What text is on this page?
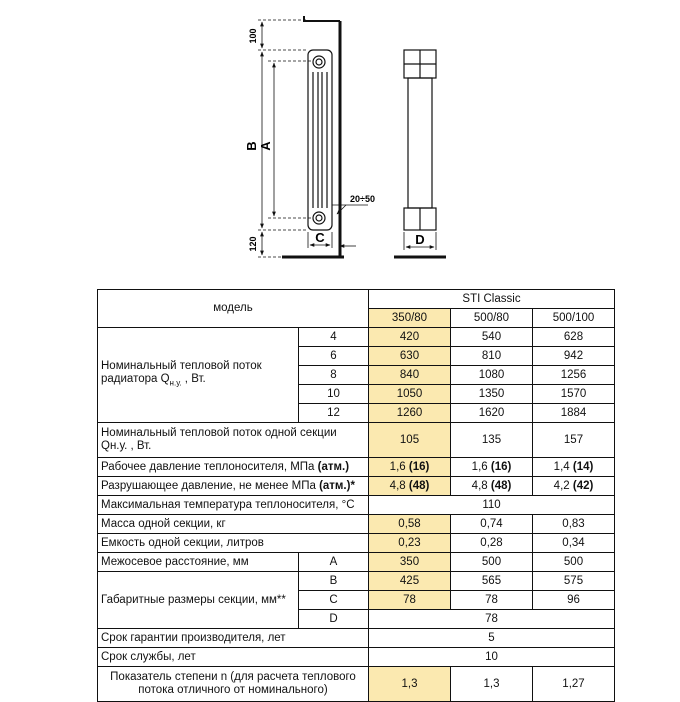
100
B A
120	C
20÷50
D
модель		STI Classic		
		350/80	500/80	500/100
Номинальный тепловой поток радиатора $Q_{н.у.}$ , Вт.	4	420	540	628
	6	630	810	942
	8	840	1080	1256
	10	1050	1350	1570
	12	1260	1620	1884
Номинальный тепловой поток одной секции
Qн.у. , Вт.		105	135	157
Рабочее давление теплоносителя, МПа (атм.)		1,6 (16)	1,6 (16)	1,4 (14)
Разрушающее давление, не менее МПа (атм.)*		4,8 (48)	4,8 (48)	4,2 (42)
Максимальная температура теплоносителя, °С		110		
Масса одной секции, кг		0,58	0,74	0,83
Емкость одной секции, литров		0,23	0,28	0,34
Межосевое расстояние, мм	A	350	500	500
Габаритные размеры секции, мм**	B	425	565	575
	C	78	78	96
	D	78		
Срок гарантии производителя, лет		5		
Срок службы, лет		10		
Показатель степени n (для расчета теплового
потока отличного от номинального)		1,3	1,3	1,27
